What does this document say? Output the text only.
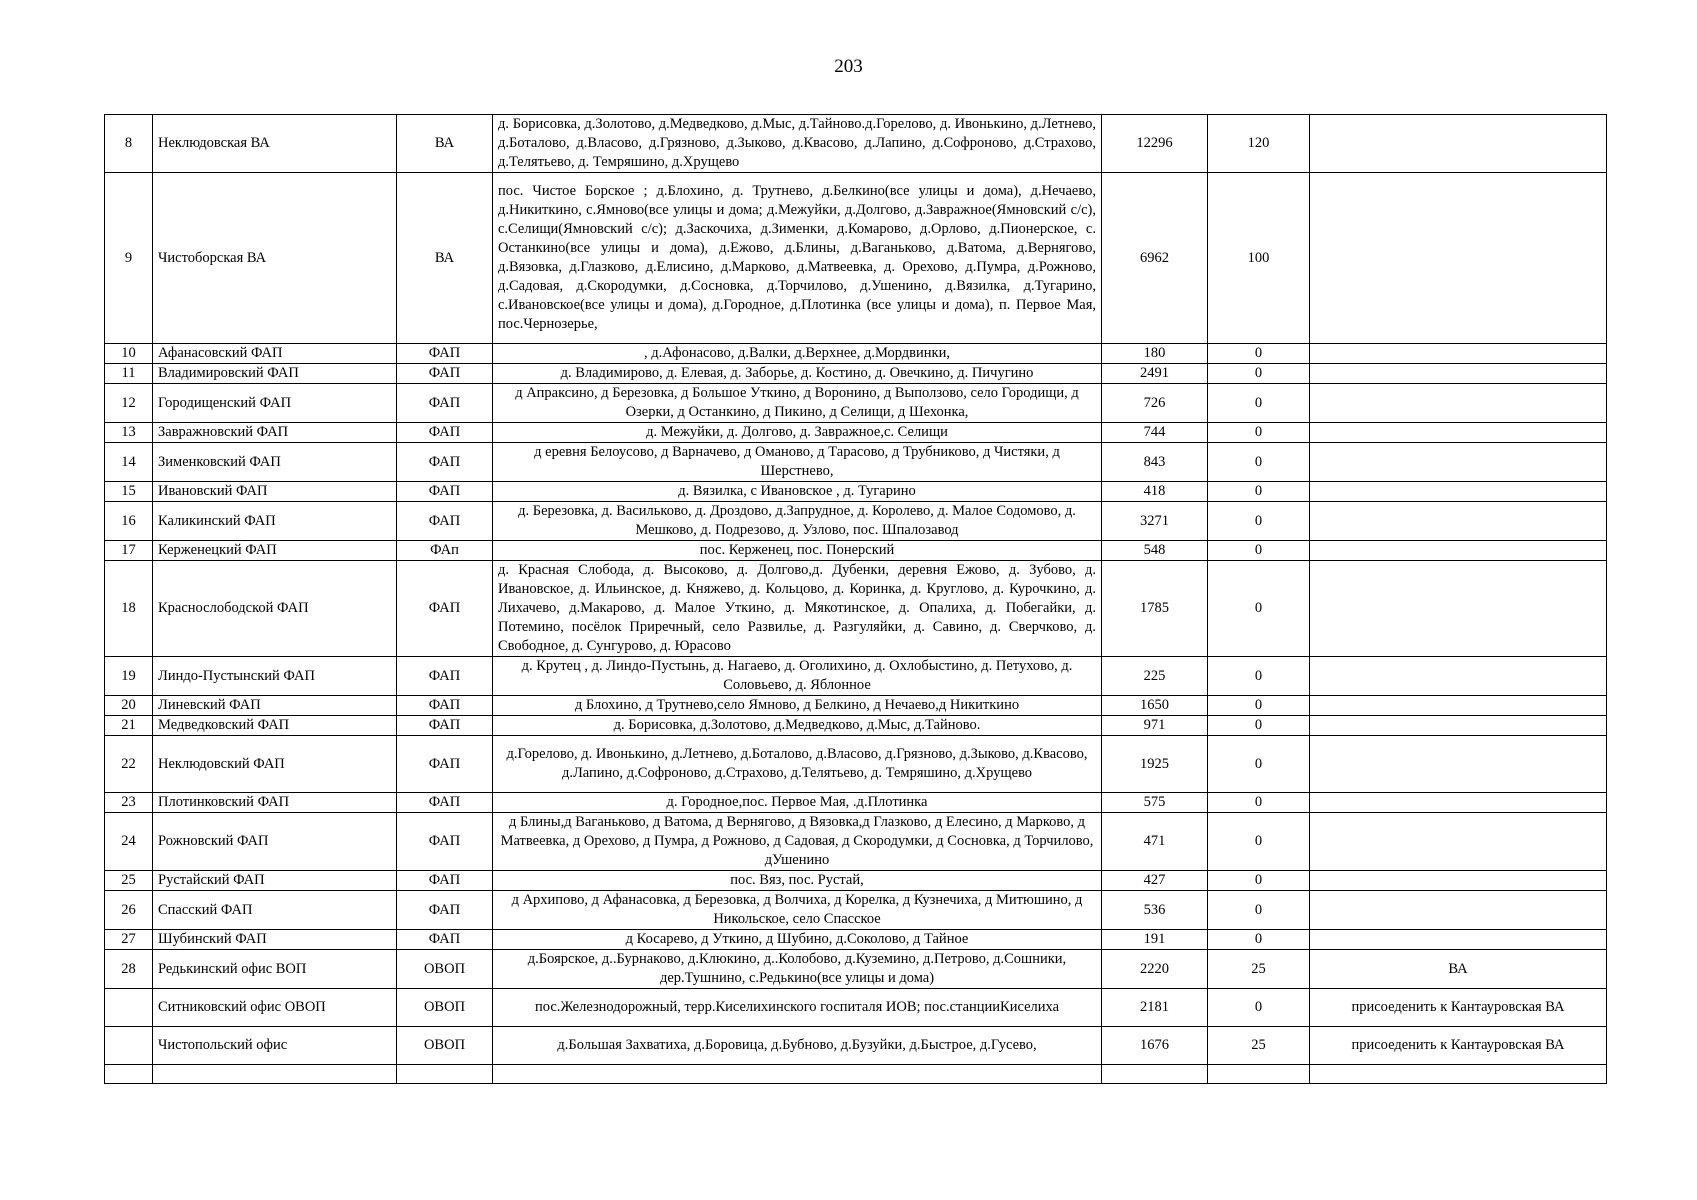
203
8	Неклюдовская ВА	ВА	д. Борисовка, д.Золотово, д.Медведково, д.Мыс, д.Тайново.д.Горелово, д. Ивонькино, д.Летнево, д.Боталово, д.Власово, д.Грязново, д.Зыково, д.Квасово, д.Лапино, д.Софроново, д.Страхово, д.Телятьево, д. Темряшино, д.Хрущево	12296	120	
9	Чистоборская ВА	ВА	пос. Чистое Борское ; д.Блохино, д. Трутнево, д.Белкино(все улицы и дома), д.Нечаево, д.Никиткино, с.Ямново(все улицы и дома; д.Межуйки, д.Долгово, д.Завражное(Ямновский с/с), с.Селищи(Ямновский с/с); д.Заскочиха, д.Зименки, д.Комарово, д.Орлово, д.Пионерское, с. Останкино(все улицы и дома), д.Ежово, д.Блины, д.Ваганьково, д.Ватома, д.Вернягово, д.Вязовка, д.Глазково, д.Елисино, д.Марково, д.Матвеевка, д. Орехово, д.Пумра, д.Рожново, д.Садовая, д.Скородумки, д.Сосновка, д.Торчилово, д.Ушенино, д.Вязилка, д.Тугарино, с.Ивановское(все улицы и дома), д.Городное, д.Плотинка (все улицы и дома), п. Первое Мая, пос.Чернозерье,	6962	100	
10	Афанасовский ФАП	ФАП	, д.Афонасово, д.Валки, д.Верхнее, д.Мордвинки,	180	0	
11	Владимировский ФАП	ФАП	д. Владимирово, д. Елевая, д. Заборье, д. Костино, д. Овечкино, д. Пичугино	2491	0	
12	Городищенский ФАП	ФАП	д Апраксино, д Березовка, д Большое Уткино, д Воронино, д Выползово, село Городищи, д Озерки, д Останкино, д Пикино, д Селищи, д Шехонка,	726	0	
13	Завражновский ФАП	ФАП	д. Межуйки, д. Долгово, д. Завражное,с. Селищи	744	0	
14	Зименковский ФАП	ФАП	д еревня Белоусово, д Варначево, д Оманово, д Тарасово, д Трубниково, д Чистяки, д Шерстнево,	843	0	
15	Ивановский ФАП	ФАП	д. Вязилка, с Ивановское , д. Тугарино	418	0	
16	Каликинский ФАП	ФАП	д. Березовка, д. Васильково, д. Дроздово, д.Запрудное, д. Королево, д. Малое Содомово, д. Мешково, д. Подрезово, д. Узлово, пос. Шпалозавод	3271	0	
17	Керженецкий ФАП	ФАп	пос. Керженец, пос. Понерский	548	0	
18	Краснослободской ФАП	ФАП	д. Красная Слобода, д. Высоково, д. Долгово,д. Дубенки, деревня Ежово, д. Зубово, д. Ивановское, д. Ильинское, д. Княжево, д. Кольцово, д. Коринка, д. Круглово, д. Курочкино, д. Лихачево, д.Макарово, д. Малое Уткино, д. Мякотинское, д. Опалиха, д. Побегайки, д. Потемино, посёлок Приречный, село Развилье, д. Разгуляйки, д. Савино, д. Сверчково, д. Свободное, д. Сунгурово, д. Юрасово	1785	0	
19	Линдо-Пустынский ФАП	ФАП	д. Крутец , д. Линдо-Пустынь, д. Нагаево, д. Оголихино, д. Охлобыстино, д. Петухово, д. Соловьево, д. Яблонное	225	0	
20	Линевский ФАП	ФАП	д Блохино, д Трутнево,село Ямново, д Белкино, д Нечаево,д Никиткино	1650	0	
21	Медведковский ФАП	ФАП	д. Борисовка, д.Золотово, д.Медведково, д.Мыс, д.Тайново.	971	0	
22	Неклюдовский ФАП	ФАП	д.Горелово, д. Ивонькино, д.Летнево, д.Боталово, д.Власово, д.Грязново, д.Зыково, д.Квасово, д.Лапино, д.Софроново, д.Страхово, д.Телятьево, д. Темряшино, д.Хрущево	1925	0	
23	Плотинковский ФАП	ФАП	д. Городное,пос. Первое Мая, .д.Плотинка	575	0	
24	Рожновский ФАП	ФАП	д Блины,д Ваганьково, д Ватома, д Вернягово, д Вязовка,д Глазково, д Елесино, д Марково, д Матвеевка, д Орехово, д Пумра, д Рожново, д Садовая, д Скородумки, д Сосновка, д Торчилово, дУшенино	471	0	
25	Рустайский ФАП	ФАП	пос. Вяз, пос. Рустай,	427	0	
26	Спасский ФАП	ФАП	д Архипово, д Афанасовка, д Березовка, д Волчиха, д Корелка, д Кузнечиха, д Митюшино, д Никольское, село Спасское	536	0	
27	Шубинский ФАП	ФАП	д Косарево, д Уткино, д Шубино, д.Соколово, д Тайное	191	0	
28	Редькинский офис ВОП	ОВОП	д.Боярское, д..Бурнаково, д.Клюкино, д..Колобово, д.Куземино, д.Петрово, д.Сошники, дер.Тушнино, с.Редькино(все улицы и дома)	2220	25	ВА
	Ситниковский офис ОВОП	ОВОП	пос.Железнодорожный, терр.Киселихинского госпиталя ИОВ; пос.станцииКиселиха	2181	0	присоеденить к Кантауровская ВА
	Чистопольский офис	ОВОП	д.Большая Захватиха, д.Боровица, д.Бубново, д.Бузуйки, д.Быстрое, д.Гусево,	1676	25	присоеденить к Кантауровская ВА
